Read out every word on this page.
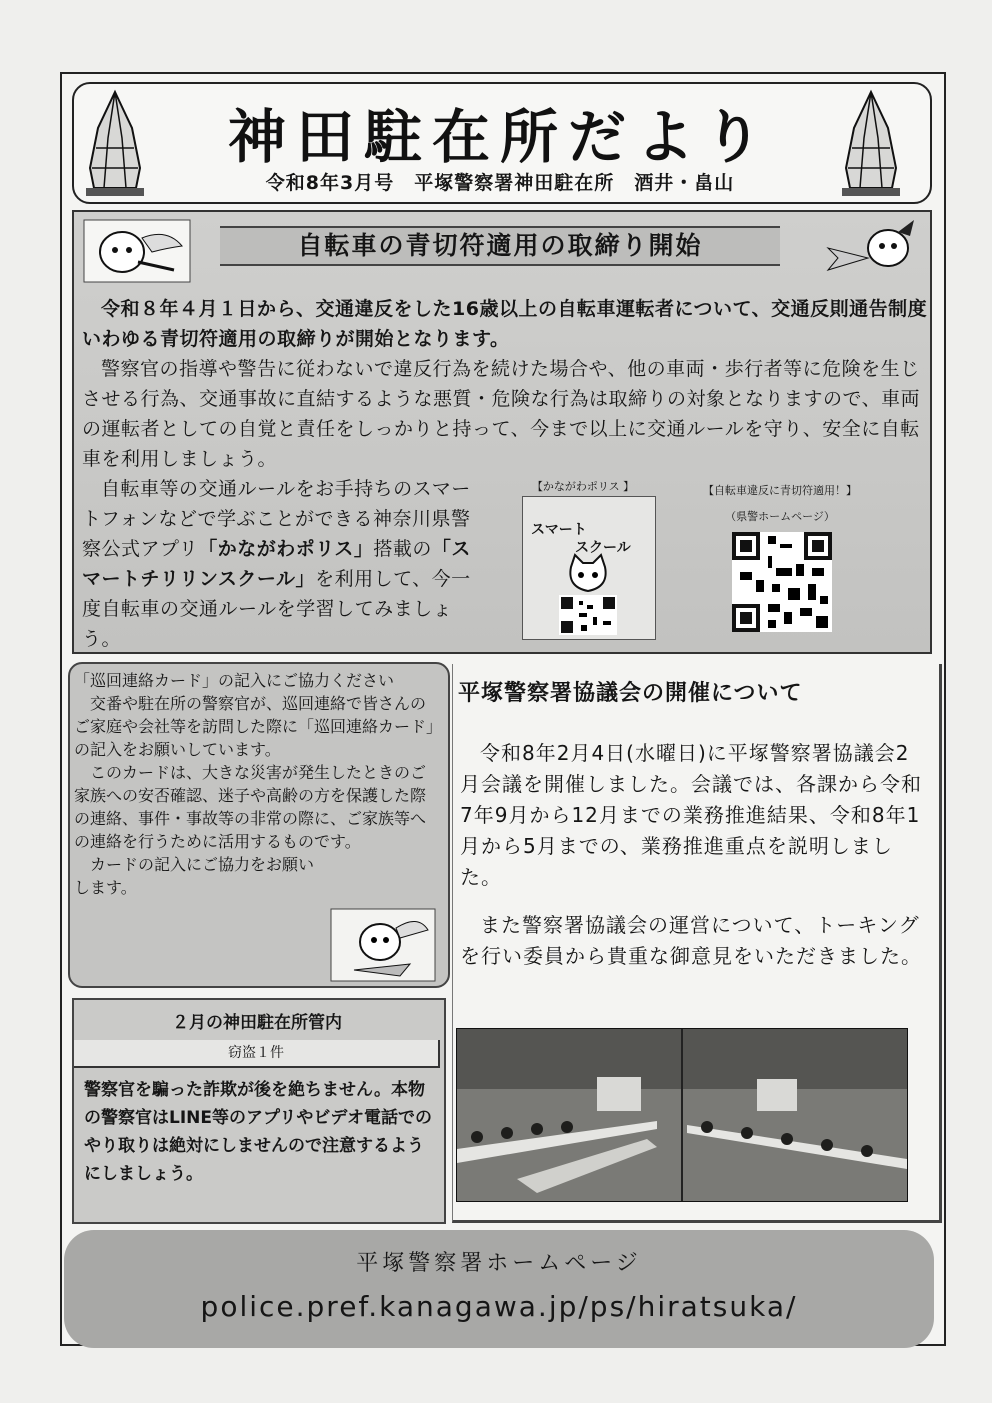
神田駐在所だより
令和8年3月号　平塚警察署神田駐在所　酒井・畠山
自転車の青切符適用の取締り開始
令和８年４月１日から、交通違反をした16歳以上の自転車運転者について、交通反則通告制度いわゆる青切符適用の取締りが開始となります。
警察官の指導や警告に従わないで違反行為を続けた場合や、他の車両・歩行者等に危険を生じさせる行為、交通事故に直結するような悪質・危険な行為は取締りの対象となりますので、車両の運転者としての自覚と責任をしっかりと持って、今まで以上に交通ルールを守り、安全に自転車を利用しましょう。
自転車等の交通ルールをお手持ちのスマートフォンなどで学ぶことができる神奈川県警察公式アプリ「かながわポリス」搭載の「スマートチリリンスクール」を利用して、今一度自転車の交通ルールを学習してみましょう。
【かながわポリス 】
スマート
スクール
【自転車違反に青切符適用！】
（県警ホームページ）
「巡回連絡カード」の記入にご協力ください
交番や駐在所の警察官が、巡回連絡で皆さんのご家庭や会社等を訪問した際に「巡回連絡カード」の記入をお願いしています。
このカードは、大きな災害が発生したときのご家族への安否確認、迷子や高齢の方を保護した際の連絡、事件・事故等の非常の際に、ご家族等への連絡を行うために活用するものです。
カードの記入にご協力をお願いします。
２月の神田駐在所管内
窃盗１件
警察官を騙った詐欺が後を絶ちません。本物の警察官はLINE等のアプリやビデオ電話でのやり取りは絶対にしませんので注意するようにしましょう。
平塚警察署協議会の開催について
令和8年2月4日(水曜日)に平塚警察署協議会2月会議を開催しました。会議では、各課から令和7年9月から12月までの業務推進結果、令和8年1月から5月までの、業務推進重点を説明しました。
また警察署協議会の運営について、トーキングを行い委員から貴重な御意見をいただきました。
平塚警察署ホームページ
police.pref.kanagawa.jp/ps/hiratsuka/
